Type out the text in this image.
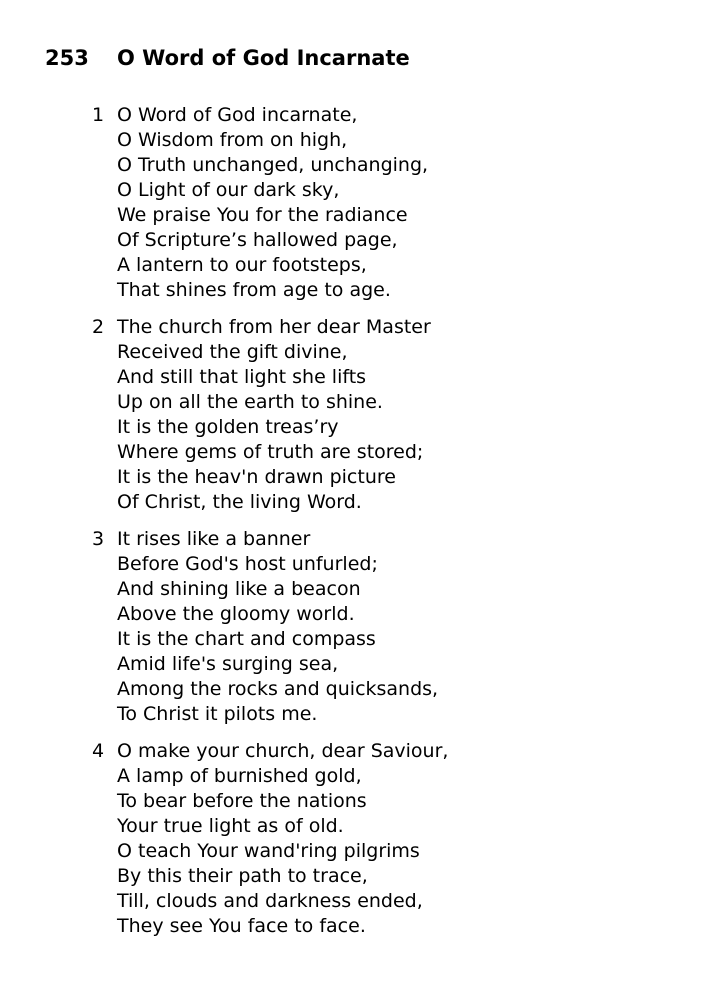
253	O Word of God Incarnate
1 O Word of God incarnate,
O Wisdom from on high,
O Truth unchanged, unchanging,
O Light of our dark sky,
We praise You for the radiance
Of Scripture’s hallowed page,
A lantern to our footsteps,
That shines from age to age.
2 The church from her dear Master
Received the gift divine,
And still that light she lifts
Up on all the earth to shine.
It is the golden treas’ry
Where gems of truth are stored;
It is the heav'n drawn picture
Of Christ, the living Word.
3 It rises like a banner
Before God's host unfurled;
And shining like a beacon
Above the gloomy world.
It is the chart and compass
Amid life's surging sea,
Among the rocks and quicksands,
To Christ it pilots me.
4 O make your church, dear Saviour,
A lamp of burnished gold,
To bear before the nations
Your true light as of old.
O teach Your wand'ring pilgrims
By this their path to trace,
Till, clouds and darkness ended,
They see You face to face.
